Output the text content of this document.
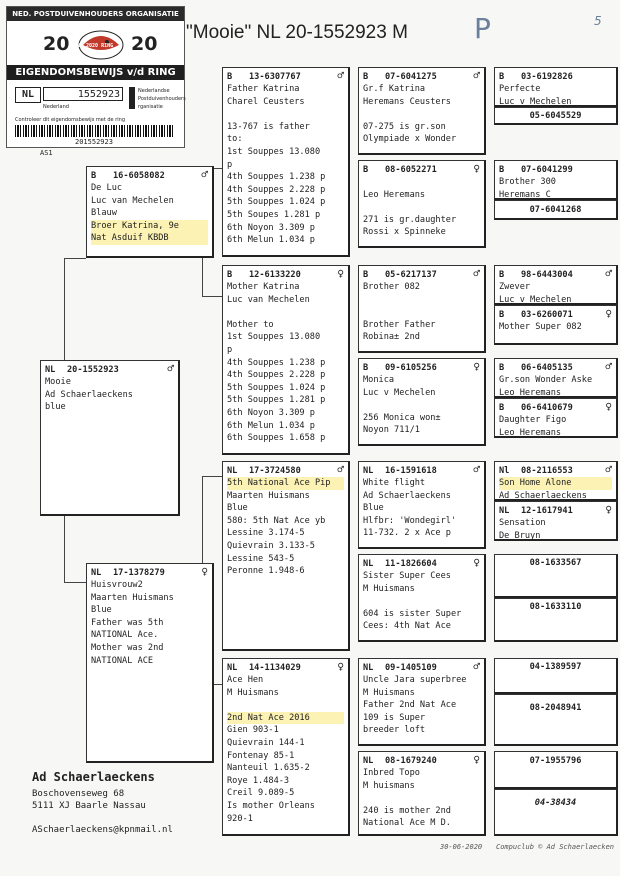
"Mooie" NL 20-1552923 M P	5
NED. POSTDUIVENHOUDERS ORGANISATIE
20 NL 2020 RING 20
EIGENDOMSBEWIJS v/d RING
NL	1552923
Nederland
Nederlandse
Postduivenhouders
rganisatie
Controleer dit eigendomsbewijs met de ring
201552923
AS1
NL 20-1552923	♂
Mooie
Ad Schaerlaeckens
blue
B 16-6058082	♂
De Luc
Luc van Mechelen
Blauw
Broer Katrina, 9e
Nat Asduif KBDB
NL 17-1378279	♀
Huisvrouw2
Maarten Huismans
Blue
Father was 5th
NATIONAL Ace.
Mother was 2nd
NATIONAL ACE
B 13-6307767	♂
Father Katrina
Charel Ceusters
13-767 is father
to:
1st Souppes 13.080
p
4th Souppes 1.238 p
4th Souppes 2.228 p
5th Souppes 1.024 p
5th Soupes 1.281 p
6th Noyon 3.309 p
6th Melun 1.034 p
B 12-6133220	♀
Mother Katrina
Luc van Mechelen
Mother to
1st Souppes 13.080
p
4th Souppes 1.238 p
4th Souppes 2.228 p
5th Souppes 1.024 p
5th Souppes 1.281 p
6th Noyon 3.309 p
6th Melun 1.034 p
6th Souppes 1.658 p
NL 17-3724580	♂
5th National Ace Pip
Maarten Huismans
Blue
580: 5th Nat Ace yb
Lessine 3.174-5
Quievrain 3.133-5
Lessine 543-5
Peronne 1.948-6
NL 14-1134029	♀
Ace Hen
M Huismans
2nd Nat Ace 2016
Gien 903-1
Quievrain 144-1
Fontenay 85-1
Nanteuil 1.635-2
Roye 1.484-3
Creil 9.089-5
Is mother Orleans
920-1
B 07-6041275	♂
Gr.f Katrina
Heremans Ceusters
07-275 is gr.son
Olympiade x Wonder
B 08-6052271	♀
Leo Heremans
271 is gr.daughter
Rossi x Spinneke
B 05-6217137	♂
Brother 082
Brother Father
Robina± 2nd
B 09-6105256	♀
Monica
Luc v Mechelen
256 Monica won±
Noyon 711/1
NL 16-1591618	♂
White flight
Ad Schaerlaeckens
Blue
Hlfbr: 'Wondegirl'
11-732. 2 x Ace p
NL 11-1826604	♀
Sister Super Cees
M Huismans
604 is sister Super
Cees: 4th Nat Ace
NL 09-1405109	♂
Uncle Jara superbree
M Huismans
Father 2nd Nat Ace
109 is Super
breeder loft
NL 08-1679240	♀
Inbred Topo
M huismans
240 is mother 2nd
National Ace M D.
B 03-6192826
Perfecte
Luc v Mechelen
B 07-6041299
Brother 300
Heremans C
B 98-6443004	♂
Zwever
Luc v Mechelen
B 03-6260071	♀
Mother Super 082
B 06-6405135	♂
Gr.son Wonder Aske
Leo Heremans
B 06-6410679	♀
Daughter Figo
Leo Heremans
Nl 08-2116553	♂
Son Home Alone
Ad Schaerlaeckens
NL 12-1617941	♀
Sensation
De Bruyn
05-6045529
07-6041268
08-1633567
08-1633110
04-1389597
08-2048941
07-1955796
04-38434
Ad Schaerlaeckens
Boschovenseweg 68
5111 XJ Baarle Nassau
ASchaerlaeckens@kpnmail.nl
30-06-2020 Compuclub © Ad Schaerlaecken
